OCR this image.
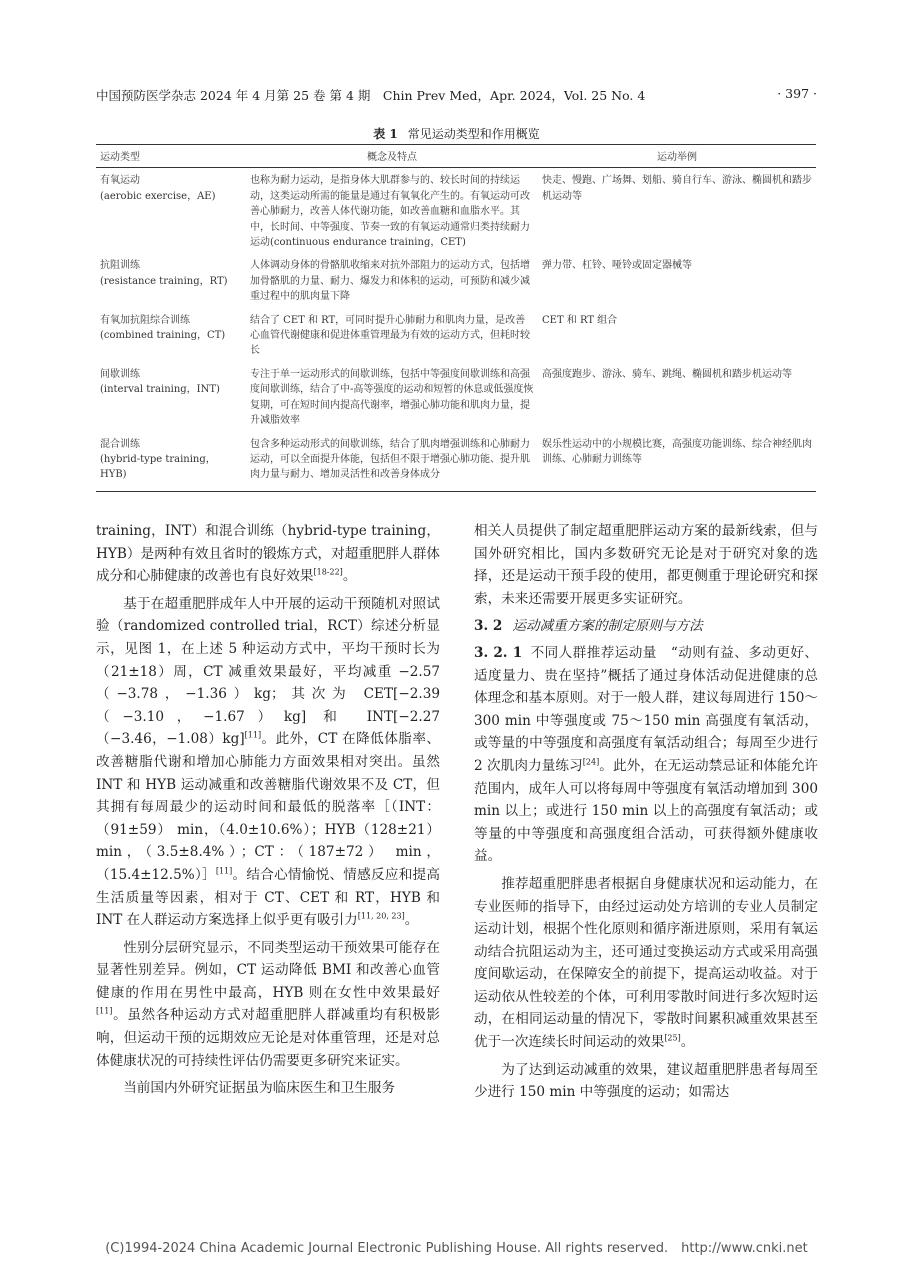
中国预防医学杂志 2024 年 4 月第 25 卷 第 4 期　Chin Prev Med，Apr. 2024，Vol. 25 No. 4	· 397 ·
表 1 常见运动类型和作用概览
运动类型	概念及特点	运动举例

有氧运动
(aerobic exercise，AE)	也称为耐力运动，是指身体大肌群参与的、较长时间的持续运动，这类运动所需的能量是通过有氧氧化产生的。有氧运动可改善心肺耐力，改善人体代谢功能，如改善血糖和血脂水平。其中，长时间、中等强度、节奏一致的有氧运动通常归类持续耐力运动(continuous endurance training，CET)	快走、慢跑、广场舞、划船、骑自行车、游泳、椭圆机和踏步机运动等

抗阻训练
(resistance training，RT)	人体调动身体的骨骼肌收缩来对抗外部阻力的运动方式，包括增加骨骼肌的力量、耐力、爆发力和体积的运动，可预防和减少减重过程中的肌肉量下降	弹力带、杠铃、哑铃或固定器械等

有氧加抗阻综合训练
(combined training，CT)	结合了 CET 和 RT，可同时提升心肺耐力和肌肉力量，是改善心血管代谢健康和促进体重管理最为有效的运动方式，但耗时较长	CET 和 RT 组合

间歇训练
(interval training，INT)	专注于单一运动形式的间歇训练，包括中等强度间歇训练和高强度间歇训练，结合了中-高等强度的运动和短暂的休息或低强度恢复期，可在短时间内提高代谢率，增强心肺功能和肌肉力量，提升减脂效率	高强度跑步、游泳、骑车、跳绳、椭圆机和踏步机运动等

混合训练
(hybrid-type training，HYB)	包含多种运动形式的间歇训练，结合了肌肉增强训练和心肺耐力运动，可以全面提升体能，包括但不限于增强心肺功能、提升肌肉力量与耐力、增加灵活性和改善身体成分	娱乐性运动中的小规模比赛，高强度功能训练、综合神经肌肉训练、心肺耐力训练等

training，INT）和混合训练（hybrid-type training，HYB）是两种有效且省时的锻炼方式，对超重肥胖人群体成分和心肺健康的改善也有良好效果[18-22]。

基于在超重肥胖成年人中开展的运动干预随机对照试验（randomized controlled trial，RCT）综述分析显示，见图 1，在上述 5 种运动方式中，平均干预时长为（21±18）周，CT 减重效果最好，平均减重 −2.57（−3.78，−1.36）kg；其次为 CET[−2.39（−3.10，−1.67）kg] 和 INT[−2.27（−3.46，−1.08）kg][11]。此外，CT 在降低体脂率、改善糖脂代谢和增加心肺能力方面效果相对突出。虽然 INT 和 HYB 运动减重和改善糖脂代谢效果不及 CT，但其拥有每周最少的运动时间和最低的脱落率［（INT：（91±59） min，（4.0±10.6%）；HYB（128±21） min，（3.5±8.4%）；CT：（187±72） min，（15.4±12.5%）］[11]。结合心情愉悦、情感反应和提高生活质量等因素，相对于 CT、CET 和 RT，HYB 和 INT 在人群运动方案选择上似乎更有吸引力[11, 20, 23]。

性别分层研究显示，不同类型运动干预效果可能存在显著性别差异。例如，CT 运动降低 BMI 和改善心血管健康的作用在男性中最高，HYB 则在女性中效果最好[11]。虽然各种运动方式对超重肥胖人群减重均有积极影响，但运动干预的远期效应无论是对体重管理，还是对总体健康状况的可持续性评估仍需要更多研究来证实。

当前国内外研究证据虽为临床医生和卫生服务

相关人员提供了制定超重肥胖运动方案的最新线索，但与国外研究相比，国内多数研究无论是对于研究对象的选择，还是运动干预手段的使用，都更侧重于理论研究和探索，未来还需要开展更多实证研究。

3. 2 运动减重方案的制定原则与方法

3. 2. 1 不同人群推荐运动量　 “动则有益、多动更好、适度量力、贵在坚持”概括了通过身体活动促进健康的总体理念和基本原则。对于一般人群，建议每周进行 150～300 min 中等强度或 75～150 min 高强度有氧活动，或等量的中等强度和高强度有氧活动组合；每周至少进行 2 次肌肉力量练习[24]。此外，在无运动禁忌证和体能允许范围内，成年人可以将每周中等强度有氧活动增加到 300 min 以上；或进行 150 min 以上的高强度有氧活动；或等量的中等强度和高强度组合活动，可获得额外健康收益。

推荐超重肥胖患者根据自身健康状况和运动能力，在专业医师的指导下，由经过运动处方培训的专业人员制定运动计划，根据个性化原则和循序渐进原则，采用有氧运动结合抗阻运动为主，还可通过变换运动方式或采用高强度间歇运动，在保障安全的前提下，提高运动收益。对于运动依从性较差的个体，可利用零散时间进行多次短时运动，在相同运动量的情况下，零散时间累积减重效果甚至优于一次连续长时间运动的效果[25]。

为了达到运动减重的效果，建议超重肥胖患者每周至少进行 150 min 中等强度的运动；如需达

(C)1994-2024 China Academic Journal Electronic Publishing House. All rights reserved.　http://www.cnki.net
